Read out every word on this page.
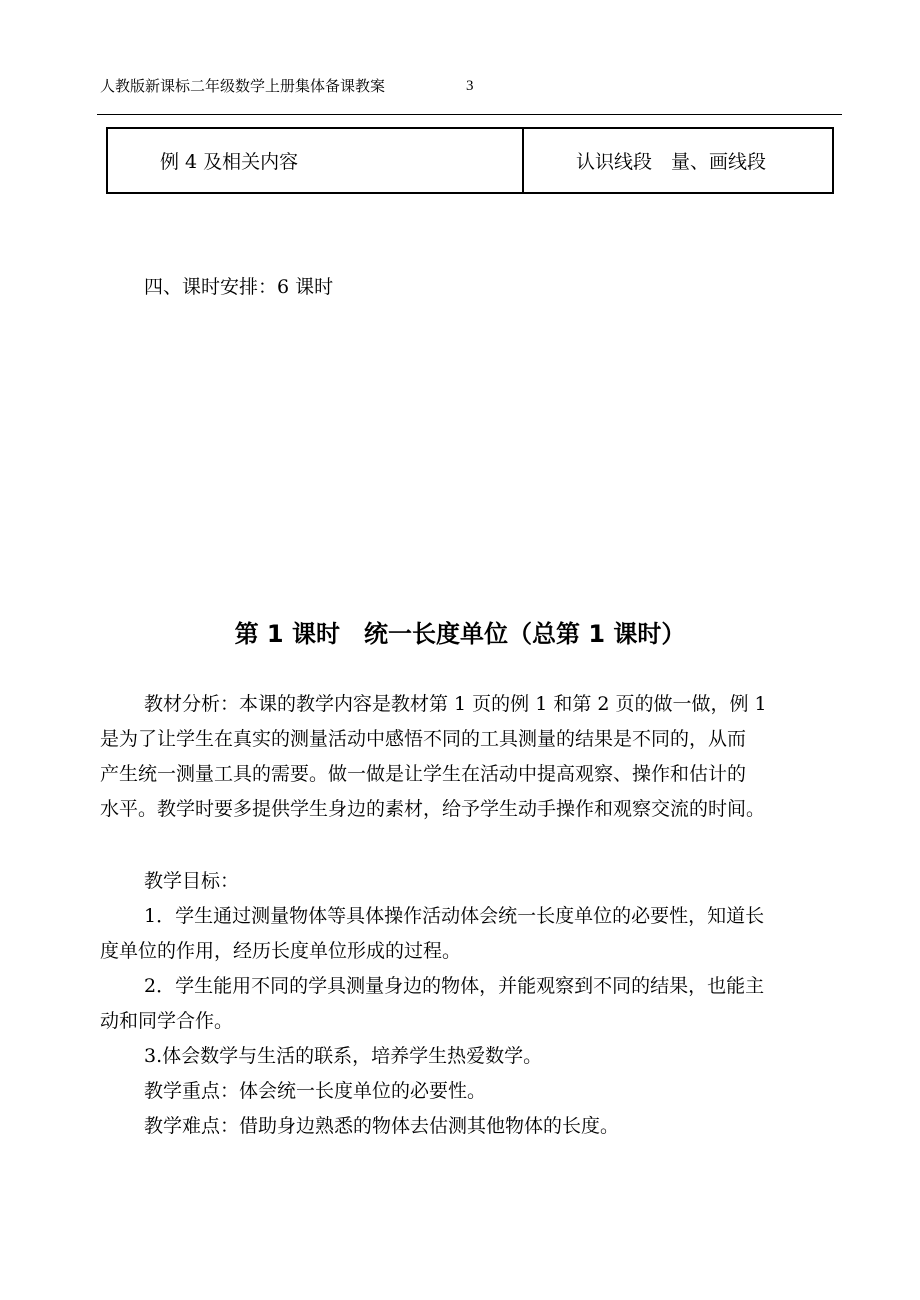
人教版新课标二年级数学上册集体备课教案	3
例 4 及相关内容	认识线段　量、画线段
四、课时安排：6 课时
第 1 课时　统一长度单位（总第 1 课时）
教材分析：本课的教学内容是教材第 1 页的例 1 和第 2 页的做一做，例 1
是为了让学生在真实的测量活动中感悟不同的工具测量的结果是不同的，从而
产生统一测量工具的需要。做一做是让学生在活动中提高观察、操作和估计的
水平。教学时要多提供学生身边的素材，给予学生动手操作和观察交流的时间。
教学目标：
1．学生通过测量物体等具体操作活动体会统一长度单位的必要性，知道长
度单位的作用，经历长度单位形成的过程。
2．学生能用不同的学具测量身边的物体，并能观察到不同的结果，也能主
动和同学合作。
3.体会数学与生活的联系，培养学生热爱数学。
教学重点：体会统一长度单位的必要性。
教学难点：借助身边熟悉的物体去估测其他物体的长度。
